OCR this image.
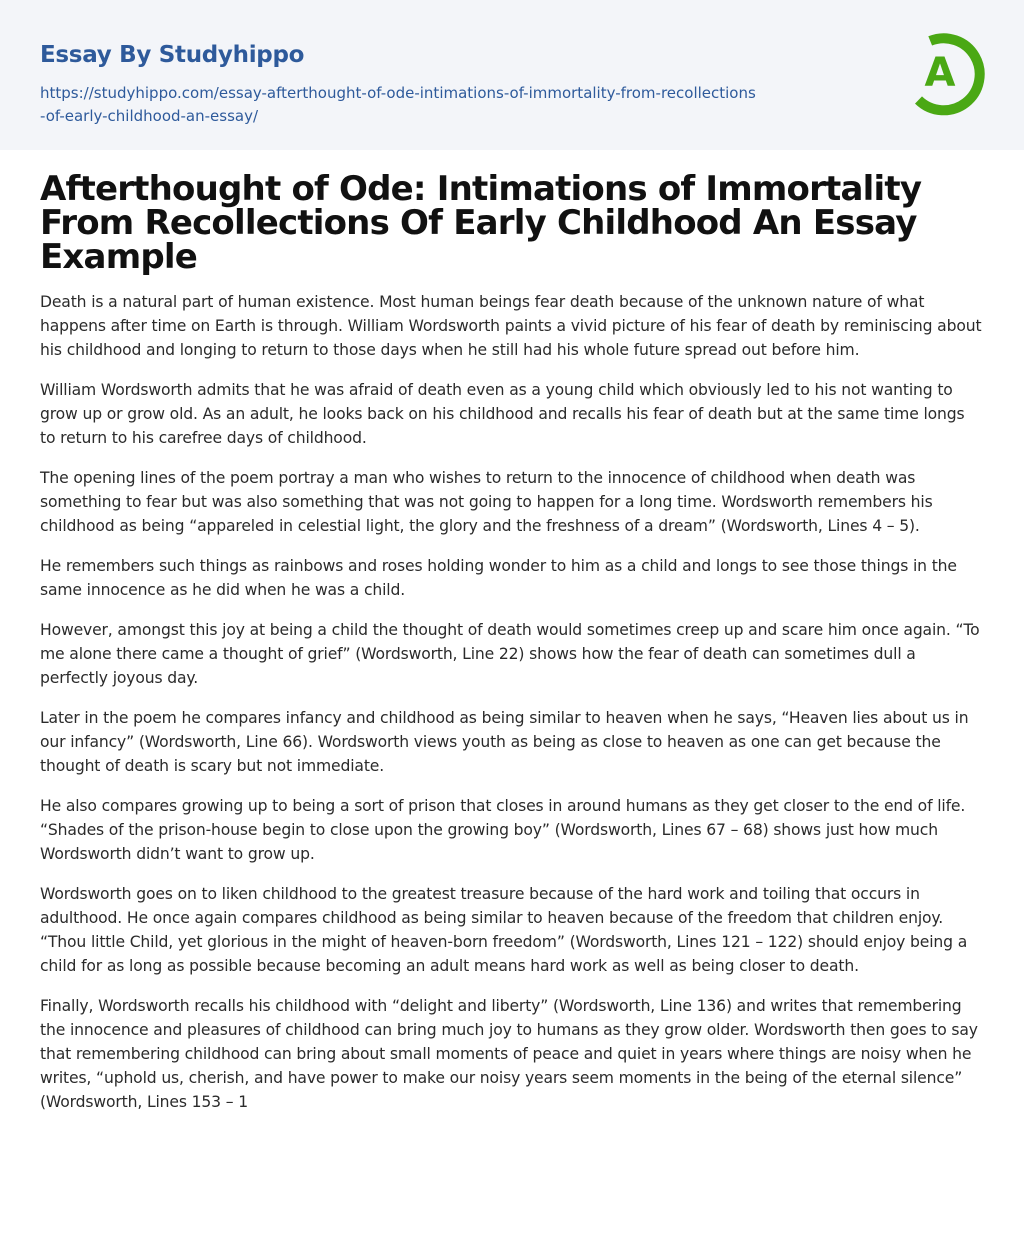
Essay By Studyhippo
https://studyhippo.com/essay-afterthought-of-ode-intimations-of-immortality-from-recollections-of-early-childhood-an-essay/
A
Afterthought of Ode: Intimations of Immortality From Recollections Of Early Childhood An Essay Example

Death is a natural part of human existence. Most human beings fear death because of the unknown nature of what happens after time on Earth is through. William Wordsworth paints a vivid picture of his fear of death by reminiscing about his childhood and longing to return to those days when he still had his whole future spread out before him.

William Wordsworth admits that he was afraid of death even as a young child which obviously led to his not wanting to grow up or grow old. As an adult, he looks back on his childhood and recalls his fear of death but at the same time longs to return to his carefree days of childhood.

The opening lines of the poem portray a man who wishes to return to the innocence of childhood when death was something to fear but was also something that was not going to happen for a long time. Wordsworth remembers his childhood as being “appareled in celestial light, the glory and the freshness of a dream” (Wordsworth, Lines 4 – 5).

He remembers such things as rainbows and roses holding wonder to him as a child and longs to see those things in the same innocence as he did when he was a child.

However, amongst this joy at being a child the thought of death would sometimes creep up and scare him once again. “To me alone there came a thought of grief” (Wordsworth, Line 22) shows how the fear of death can sometimes dull a perfectly joyous day.

Later in the poem he compares infancy and childhood as being similar to heaven when he says, “Heaven lies about us in our infancy” (Wordsworth, Line 66). Wordsworth views youth as being as close to heaven as one can get because the thought of death is scary but not immediate.

He also compares growing up to being a sort of prison that closes in around humans as they get closer to the end of life. “Shades of the prison-house begin to close upon the growing boy” (Wordsworth, Lines 67 – 68) shows just how much Wordsworth didn’t want to grow up.

Wordsworth goes on to liken childhood to the greatest treasure because of the hard work and toiling that occurs in adulthood. He once again compares childhood as being similar to heaven because of the freedom that children enjoy. “Thou little Child, yet glorious in the might of heaven-born freedom” (Wordsworth, Lines 121 – 122) should enjoy being a child for as long as possible because becoming an adult means hard work as well as being closer to death.

Finally, Wordsworth recalls his childhood with “delight and liberty” (Wordsworth, Line 136) and writes that remembering the innocence and pleasures of childhood can bring much joy to humans as they grow older. Wordsworth then goes to say that remembering childhood can bring about small moments of peace and quiet in years where things are noisy when he writes, “uphold us, cherish, and have power to make our noisy years seem moments in the being of the eternal silence” (Wordsworth, Lines 153 – 1
